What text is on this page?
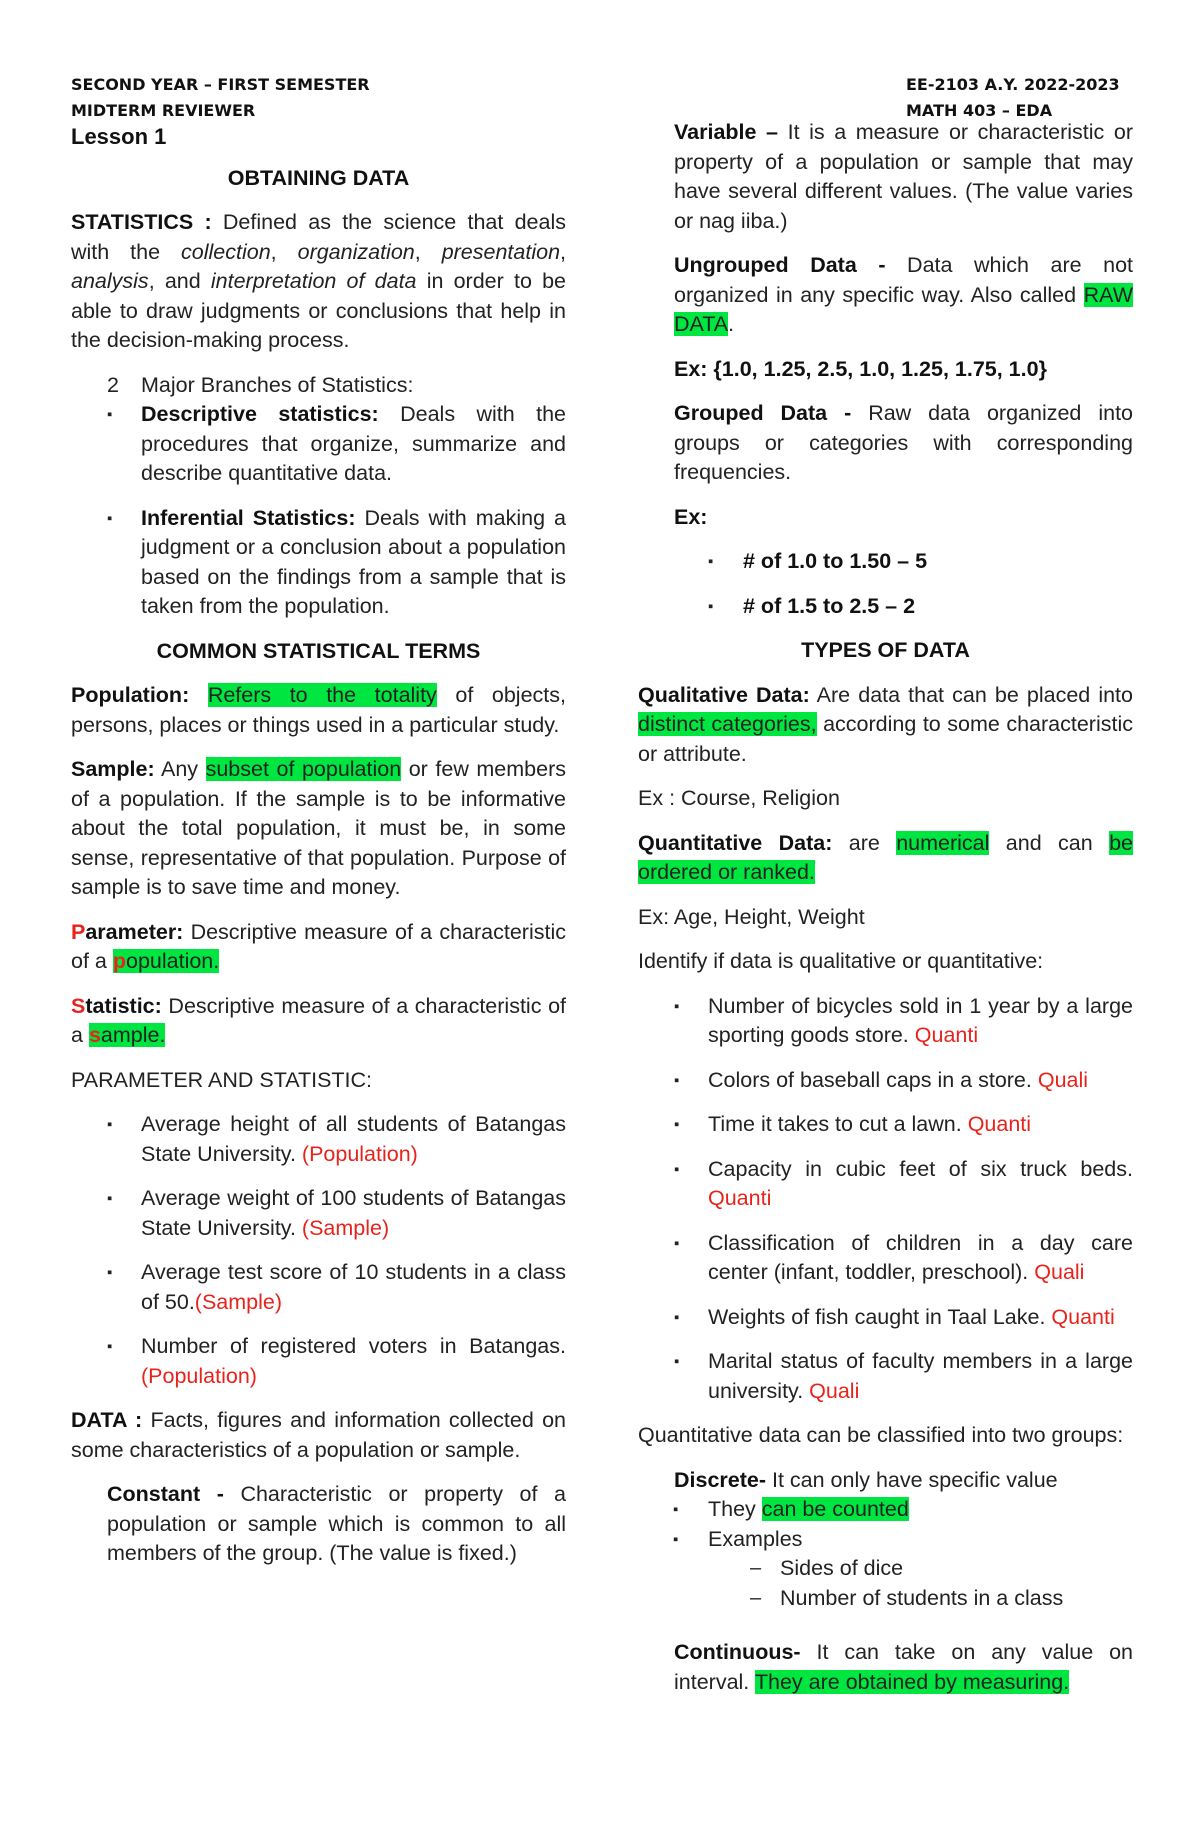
SECOND YEAR – FIRST SEMESTER
MIDTERM REVIEWER
EE-2103 A.Y. 2022-2023
MATH 403 – EDA
Lesson 1

OBTAINING DATA

STATISTICS : Defined as the science that deals with the collection, organization, presentation, analysis, and interpretation of data in order to be able to draw judgments or conclusions that help in the decision-making process.

2 Major Branches of Statistics:
▪ Descriptive statistics: Deals with the procedures that organize, summarize and describe quantitative data.
▪ Inferential Statistics: Deals with making a judgment or a conclusion about a population based on the findings from a sample that is taken from the population.

COMMON STATISTICAL TERMS

Population: Refers to the totality of objects, persons, places or things used in a particular study.

Sample: Any subset of population or few members of a population. If the sample is to be informative about the total population, it must be, in some sense, representative of that population. Purpose of sample is to save time and money.

Parameter: Descriptive measure of a characteristic of a population.

Statistic: Descriptive measure of a characteristic of a sample.

PARAMETER AND STATISTIC:

▪ Average height of all students of Batangas State University. (Population)
▪ Average weight of 100 students of Batangas State University. (Sample)
▪ Average test score of 10 students in a class of 50.(Sample)
▪ Number of registered voters in Batangas.(Population)

DATA : Facts, figures and information collected on some characteristics of a population or sample.

Constant - Characteristic or property of a population or sample which is common to all members of the group. (The value is fixed.)

Variable – It is a measure or characteristic or property of a population or sample that may have several different values. (The value varies or nag iiba.)

Ungrouped Data - Data which are not organized in any specific way. Also called RAW DATA.

Ex: {1.0, 1.25, 2.5, 1.0, 1.25, 1.75, 1.0}

Grouped Data - Raw data organized into groups or categories with corresponding frequencies.

Ex:

▪ # of 1.0 to 1.50 – 5
▪ # of 1.5 to 2.5 – 2

TYPES OF DATA

Qualitative Data: Are data that can be placed into distinct categories, according to some characteristic or attribute.

Ex : Course, Religion

Quantitative Data: are numerical and can be ordered or ranked.

Ex: Age, Height, Weight

Identify if data is qualitative or quantitative:

▪ Number of bicycles sold in 1 year by a large sporting goods store. Quanti
▪ Colors of baseball caps in a store. Quali
▪ Time it takes to cut a lawn. Quanti
▪ Capacity in cubic feet of six truck beds. Quanti
▪ Classification of children in a day care center (infant, toddler, preschool). Quali
▪ Weights of fish caught in Taal Lake. Quanti
▪ Marital status of faculty members in a large university. Quali

Quantitative data can be classified into two groups:

Discrete- It can only have specific value
▪ They can be counted
▪ Examples
– Sides of dice
– Number of students in a class

Continuous- It can take on any value on interval. They are obtained by measuring.
